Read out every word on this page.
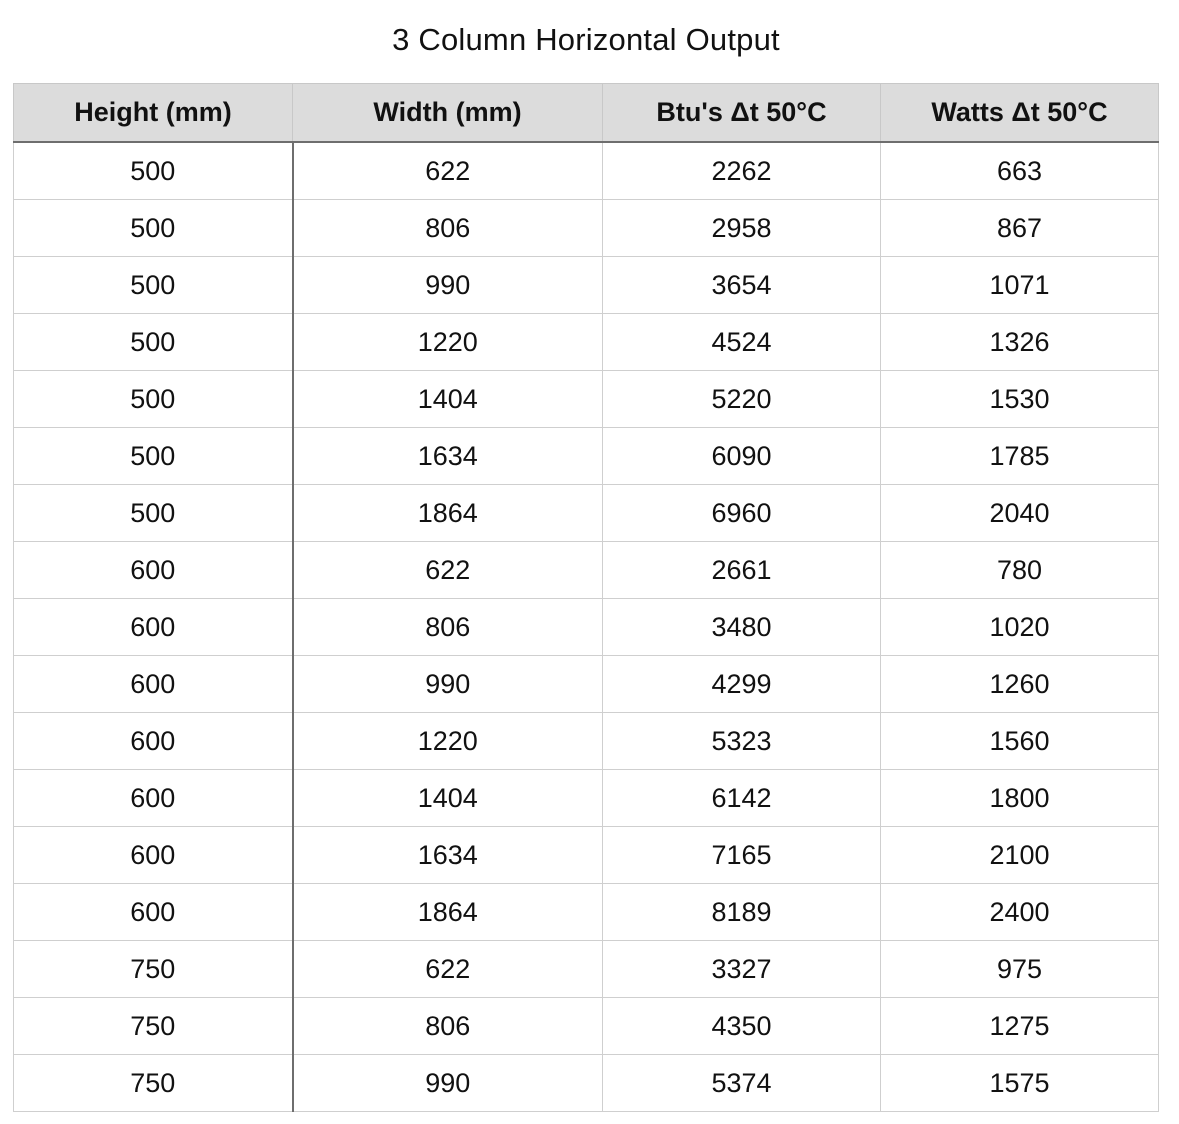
3 Column Horizontal Output
Height (mm)	Width (mm)	Btu's Δt 50°C	Watts Δt 50°C
500	622	2262	663
500	806	2958	867
500	990	3654	1071
500	1220	4524	1326
500	1404	5220	1530
500	1634	6090	1785
500	1864	6960	2040
600	622	2661	780
600	806	3480	1020
600	990	4299	1260
600	1220	5323	1560
600	1404	6142	1800
600	1634	7165	2100
600	1864	8189	2400
750	622	3327	975
750	806	4350	1275
750	990	5374	1575
